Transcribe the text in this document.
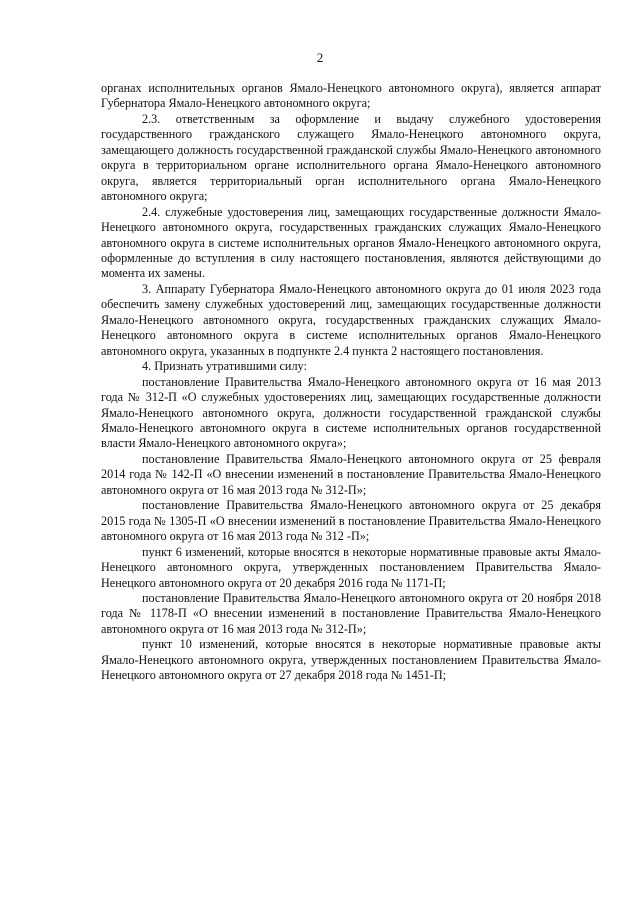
2

органах исполнительных органов Ямало-Ненецкого автономного округа), является аппарат Губернатора Ямало-Ненецкого автономного округа;

2.3. ответственным за оформление и выдачу служебного удостоверения государственного гражданского служащего Ямало-Ненецкого автономного округа, замещающего должность государственной гражданской службы Ямало-Ненецкого автономного округа в территориальном органе исполнительного органа Ямало-Ненецкого автономного округа, является территориальный орган исполнительного органа Ямало-Ненецкого автономного округа;

2.4. служебные удостоверения лиц, замещающих государственные должности Ямало-Ненецкого автономного округа, государственных гражданских служащих Ямало-Ненецкого автономного округа в системе исполнительных органов Ямало-Ненецкого автономного округа, оформленные до вступления в силу настоящего постановления, являются действующими до момента их замены.

3. Аппарату Губернатора Ямало-Ненецкого автономного округа до 01 июля 2023 года обеспечить замену служебных удостоверений лиц, замещающих государственные должности Ямало-Ненецкого автономного округа, государственных гражданских служащих Ямало-Ненецкого автономного округа в системе исполнительных органов Ямало-Ненецкого автономного округа, указанных в подпункте 2.4 пункта 2 настоящего постановления.

4. Признать утратившими силу:

постановление Правительства Ямало-Ненецкого автономного округа от 16 мая 2013 года № 312-П «О служебных удостоверениях лиц, замещающих государственные должности Ямало-Ненецкого автономного округа, должности государственной гражданской службы Ямало-Ненецкого автономного округа в системе исполнительных органов государственной власти Ямало-Ненецкого автономного округа»;

постановление Правительства Ямало-Ненецкого автономного округа от 25 февраля 2014 года № 142-П «О внесении изменений в постановление Правительства Ямало-Ненецкого автономного округа от 16 мая 2013 года № 312-П»;

постановление Правительства Ямало-Ненецкого автономного округа от 25 декабря 2015 года № 1305-П «О внесении изменений в постановление Правительства Ямало-Ненецкого автономного округа от 16 мая 2013 года № 312 -П»;

пункт 6 изменений, которые вносятся в некоторые нормативные правовые акты Ямало-Ненецкого автономного округа, утвержденных постановлением Правительства Ямало-Ненецкого автономного округа от 20 декабря 2016 года № 1171-П;

постановление Правительства Ямало-Ненецкого автономного округа от 20 ноября 2018 года № 1178-П «О внесении изменений в постановление Правительства Ямало-Ненецкого автономного округа от 16 мая 2013 года № 312-П»;

пункт 10 изменений, которые вносятся в некоторые нормативные правовые акты Ямало-Ненецкого автономного округа, утвержденных постановлением Правительства Ямало-Ненецкого автономного округа от 27 декабря 2018 года № 1451-П;
